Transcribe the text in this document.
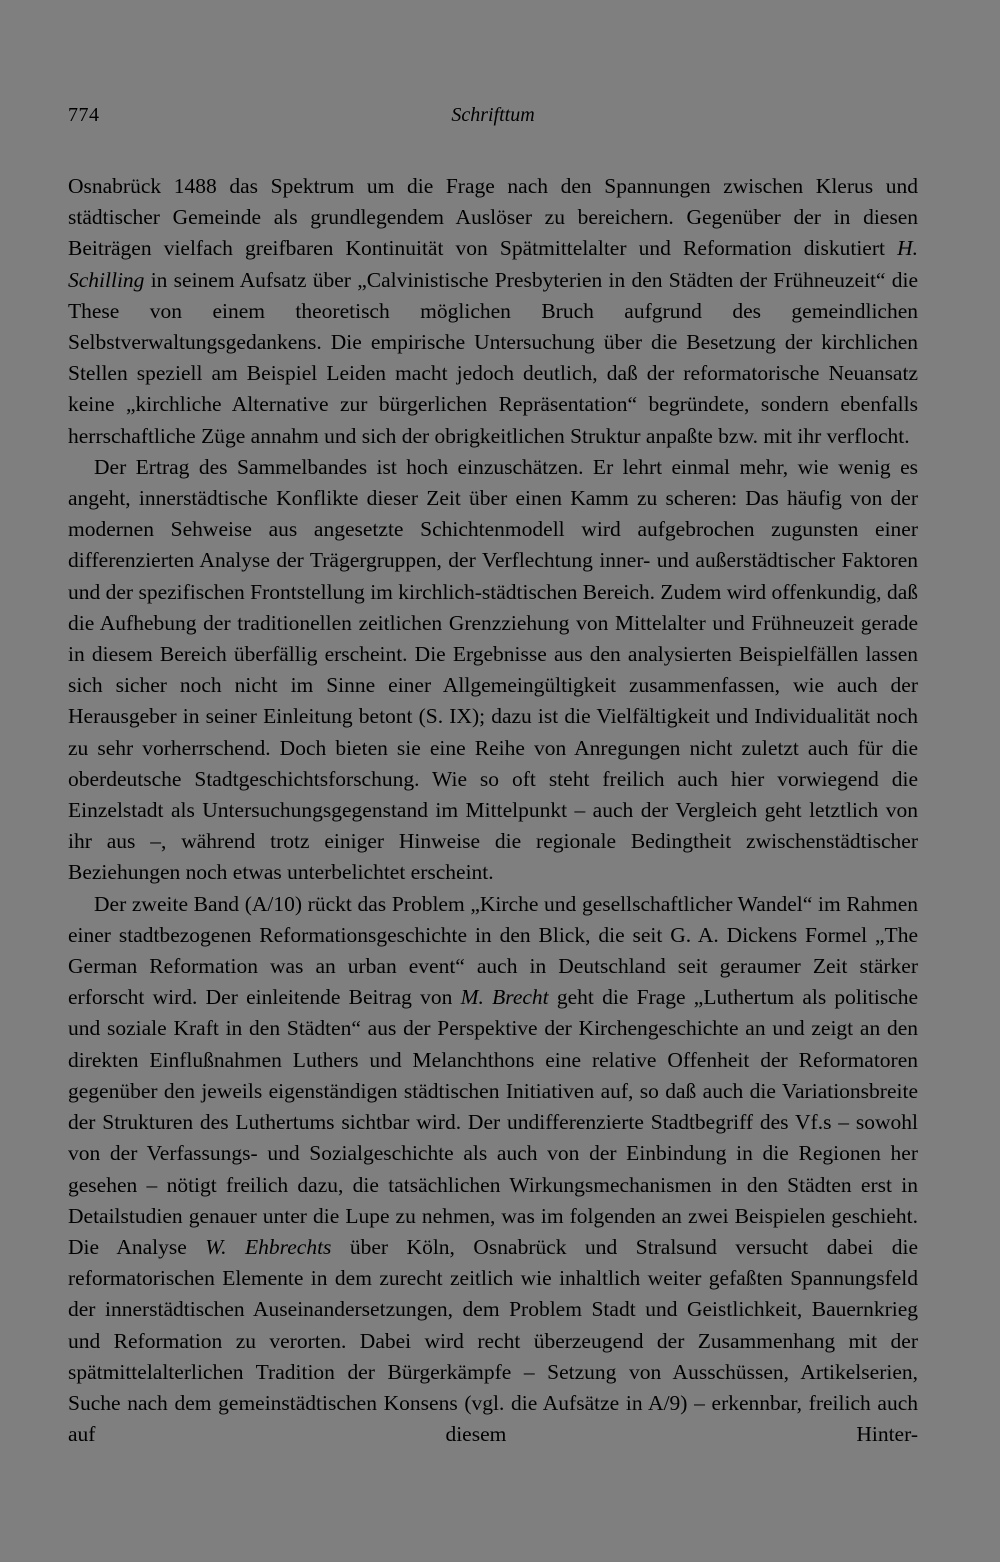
774	Schrifttum

Osnabrück 1488 das Spektrum um die Frage nach den Spannungen zwischen Klerus und städtischer Gemeinde als grundlegendem Auslöser zu bereichern. Gegenüber der in diesen Beiträgen vielfach greifbaren Kontinuität von Spätmittelalter und Reformation diskutiert H. Schilling in seinem Aufsatz über „Calvinistische Presbyterien in den Städten der Frühneuzeit“ die These von einem theoretisch möglichen Bruch aufgrund des gemeindlichen Selbstverwaltungsgedankens. Die empirische Untersuchung über die Besetzung der kirchlichen Stellen speziell am Beispiel Leiden macht jedoch deutlich, daß der reformatorische Neuansatz keine „kirchliche Alternative zur bürgerlichen Repräsentation“ begründete, sondern ebenfalls herrschaftliche Züge annahm und sich der obrigkeitlichen Struktur anpaßte bzw. mit ihr verflocht.

Der Ertrag des Sammelbandes ist hoch einzuschätzen. Er lehrt einmal mehr, wie wenig es angeht, innerstädtische Konflikte dieser Zeit über einen Kamm zu scheren: Das häufig von der modernen Sehweise aus angesetzte Schichtenmodell wird aufgebrochen zugunsten einer differenzierten Analyse der Trägergruppen, der Verflechtung inner- und außerstädtischer Faktoren und der spezifischen Frontstellung im kirchlich-städtischen Bereich. Zudem wird offenkundig, daß die Aufhebung der traditionellen zeitlichen Grenzziehung von Mittelalter und Frühneuzeit gerade in diesem Bereich überfällig erscheint. Die Ergebnisse aus den analysierten Beispielfällen lassen sich sicher noch nicht im Sinne einer Allgemeingültigkeit zusammenfassen, wie auch der Herausgeber in seiner Einleitung betont (S. IX); dazu ist die Vielfältigkeit und Individualität noch zu sehr vorherrschend. Doch bieten sie eine Reihe von Anregungen nicht zuletzt auch für die oberdeutsche Stadtgeschichtsforschung. Wie so oft steht freilich auch hier vorwiegend die Einzelstadt als Untersuchungsgegenstand im Mittelpunkt – auch der Vergleich geht letztlich von ihr aus –, während trotz einiger Hinweise die regionale Bedingtheit zwischenstädtischer Beziehungen noch etwas unterbelichtet erscheint.

Der zweite Band (A/10) rückt das Problem „Kirche und gesellschaftlicher Wandel“ im Rahmen einer stadtbezogenen Reformationsgeschichte in den Blick, die seit G. A. Dickens Formel „The German Reformation was an urban event“ auch in Deutschland seit geraumer Zeit stärker erforscht wird. Der einleitende Beitrag von M. Brecht geht die Frage „Luthertum als politische und soziale Kraft in den Städten“ aus der Perspektive der Kirchengeschichte an und zeigt an den direkten Einflußnahmen Luthers und Melanchthons eine relative Offenheit der Reformatoren gegenüber den jeweils eigenständigen städtischen Initiativen auf, so daß auch die Variationsbreite der Strukturen des Luthertums sichtbar wird. Der undifferenzierte Stadtbegriff des Vf.s – sowohl von der Verfassungs- und Sozialgeschichte als auch von der Einbindung in die Regionen her gesehen – nötigt freilich dazu, die tatsächlichen Wirkungsmechanismen in den Städten erst in Detailstudien genauer unter die Lupe zu nehmen, was im folgenden an zwei Beispielen geschieht. Die Analyse W. Ehbrechts über Köln, Osnabrück und Stralsund versucht dabei die reformatorischen Elemente in dem zurecht zeitlich wie inhaltlich weiter gefaßten Spannungsfeld der innerstädtischen Auseinandersetzungen, dem Problem Stadt und Geistlichkeit, Bauernkrieg und Reformation zu verorten. Dabei wird recht überzeugend der Zusammenhang mit der spätmittelalterlichen Tradition der Bürgerkämpfe – Setzung von Ausschüssen, Artikelserien, Suche nach dem gemeinstädtischen Konsens (vgl. die Aufsätze in A/9) – erkennbar, freilich auch auf diesem Hinter-
